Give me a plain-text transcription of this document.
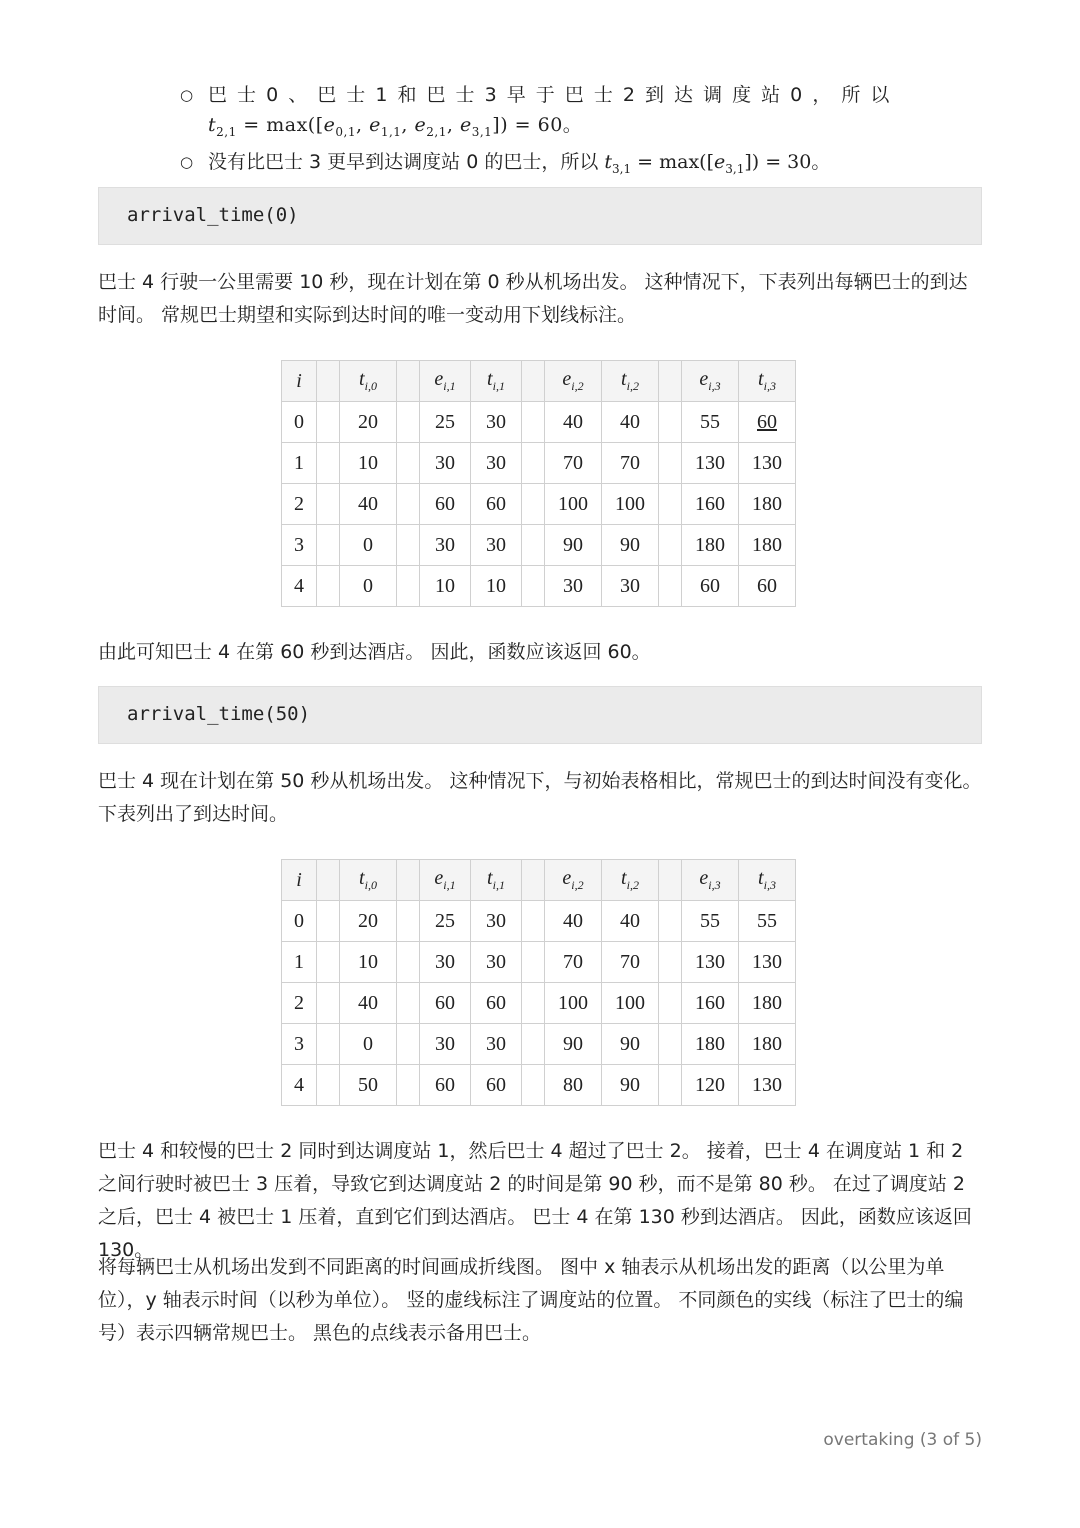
○ 巴 士 0 、 巴 士 1 和 巴 士 3 早 于 巴 士 2 到 达 调 度 站 0 ， 所 以
$t_{2,1} = \max([e_{0,1}$, $e_{1,1}$, $e_{2,1}$, $e_{3,1}]) = 60$。
○ 没有比巴士 3 更早到达调度站 0 的巴士，所以 $t_{3,1} = \max([e_{3,1}]) = 30$。
arrival_time(0)
巴士 4 行驶一公里需要 10 秒，现在计划在第 0 秒从机场出发。 这种情况下，下表列出每辆巴士的到达时间。 常规巴士期望和实际到达时间的唯一变动用下划线标注。
i		$t_{i,0}$		$e_{i,1}$	$t_{i,1}$		$e_{i,2}$	$t_{i,2}$		$e_{i,3}$	$t_{i,3}$
0		20		25	30		40	40		55	60
1		10		30	30		70	70		130	130
2		40		60	60		100	100		160	180
3		0		30	30		90	90		180	180
4		0		10	10		30	30		60	60
由此可知巴士 4 在第 60 秒到达酒店。 因此，函数应该返回 60。
arrival_time(50)
巴士 4 现在计划在第 50 秒从机场出发。 这种情况下，与初始表格相比，常规巴士的到达时间没有变化。 下表列出了到达时间。
i		$t_{i,0}$		$e_{i,1}$	$t_{i,1}$		$e_{i,2}$	$t_{i,2}$		$e_{i,3}$	$t_{i,3}$
0		20		25	30		40	40		55	55
1		10		30	30		70	70		130	130
2		40		60	60		100	100		160	180
3		0		30	30		90	90		180	180
4		50		60	60		80	90		120	130
巴士 4 和较慢的巴士 2 同时到达调度站 1，然后巴士 4 超过了巴士 2。 接着，巴士 4 在调度站 1 和 2 之间行驶时被巴士 3 压着，导致它到达调度站 2 的时间是第 90 秒，而不是第 80 秒。 在过了调度站 2 之后，巴士 4 被巴士 1 压着，直到它们到达酒店。 巴士 4 在第 130 秒到达酒店。 因此，函数应该返回 130。
将每辆巴士从机场出发到不同距离的时间画成折线图。 图中 x 轴表示从机场出发的距离（以公里为单位），y 轴表示时间（以秒为单位）。 竖的虚线标注了调度站的位置。 不同颜色的实线（标注了巴士的编号）表示四辆常规巴士。 黑色的点线表示备用巴士。
overtaking (3 of 5)
